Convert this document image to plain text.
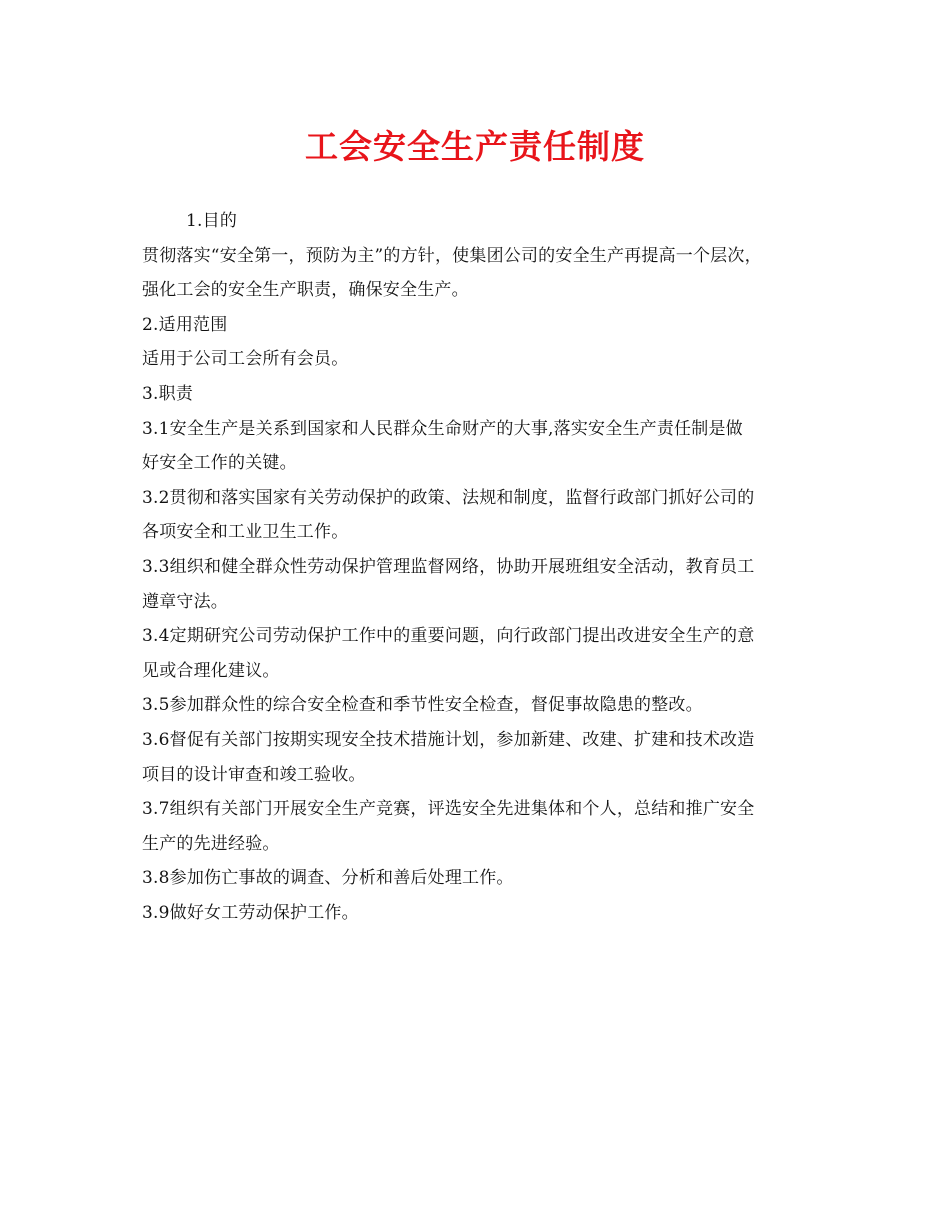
工会安全生产责任制度

1.目的

贯彻落实“安全第一，预防为主”的方针，使集团公司的安全生产再提高一个层次，

强化工会的安全生产职责，确保安全生产。

2.适用范围

适用于公司工会所有会员。

3.职责

3.1安全生产是关系到国家和人民群众生命财产的大事,落实安全生产责任制是做

好安全工作的关键。

3.2贯彻和落实国家有关劳动保护的政策、法规和制度，监督行政部门抓好公司的

各项安全和工业卫生工作。

3.3组织和健全群众性劳动保护管理监督网络，协助开展班组安全活动，教育员工

遵章守法。

3.4定期研究公司劳动保护工作中的重要问题，向行政部门提出改进安全生产的意

见或合理化建议。

3.5参加群众性的综合安全检查和季节性安全检查，督促事故隐患的整改。

3.6督促有关部门按期实现安全技术措施计划，参加新建、改建、扩建和技术改造

项目的设计审查和竣工验收。

3.7组织有关部门开展安全生产竞赛，评选安全先进集体和个人，总结和推广安全

生产的先进经验。

3.8参加伤亡事故的调查、分析和善后处理工作。

3.9做好女工劳动保护工作。
